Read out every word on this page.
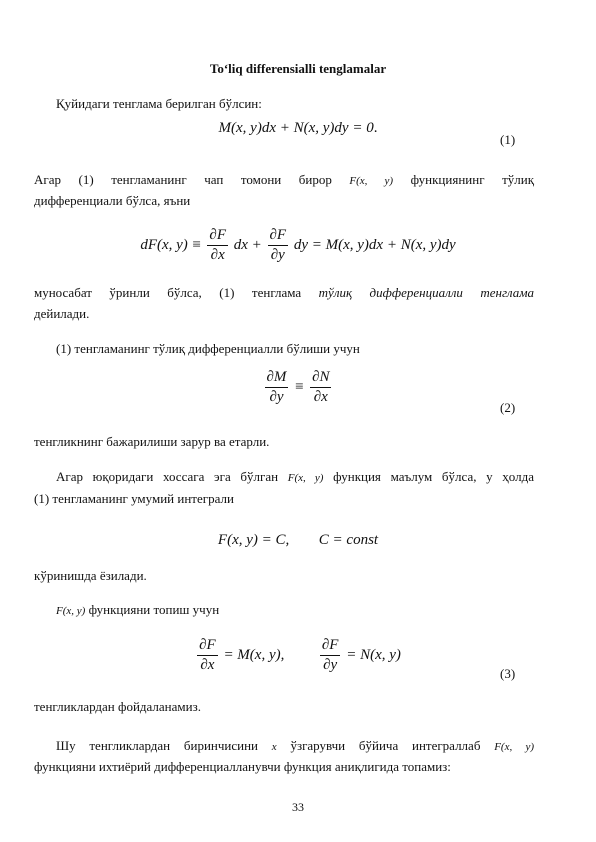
To‘liq differensialli tenglamalar
Қуйидаги тенглама берилган бўлсин:
M(x, y)dx + N(x, y)dy = 0.
(1)
Агар (1) тенгламанинг чап томони бирор F(x, y) функциянинг тўлиқ
дифференциали бўлса, яъни
dF(x, $y) \equiv \frac{\partial F}{\partial x}$ dx + $\frac{\partial F}{\partial y}$ dy = M(x, y)dx + N(x, y)dy
муносабат ўринли бўлса, (1) тенглама тўлиқ дифференциалли тенглама
дейилади.
(1) тенгламанинг тўлиқ дифференциалли бўлиши учун
$\frac{\partial M}{\partial y} \equiv \frac{\partial N}{\partial x}$
(2)
тенгликнинг бажарилиши зарур ва етарли.
Агар юқоридаги хоссага эга бўлган F(x, y) функция маълум бўлса, у ҳолда
(1) тенгламанинг умумий интеграли
F(x, y) = C, C = const
кўринишда ёзилади.
F(x, y) функцияни топиш учун
$\frac{\partial F}{\partial x} = M(x$, y), $\frac{\partial F}{\partial y} = N(x$, y)
(3)
тенгликлардан фойдаланамиз.
Шу тенгликлардан биринчисини x ўзгарувчи бўйича интеграллаб F(x, y)
функцияни ихтиёрий дифференциалланувчи функция аниқлигида топамиз:
33
